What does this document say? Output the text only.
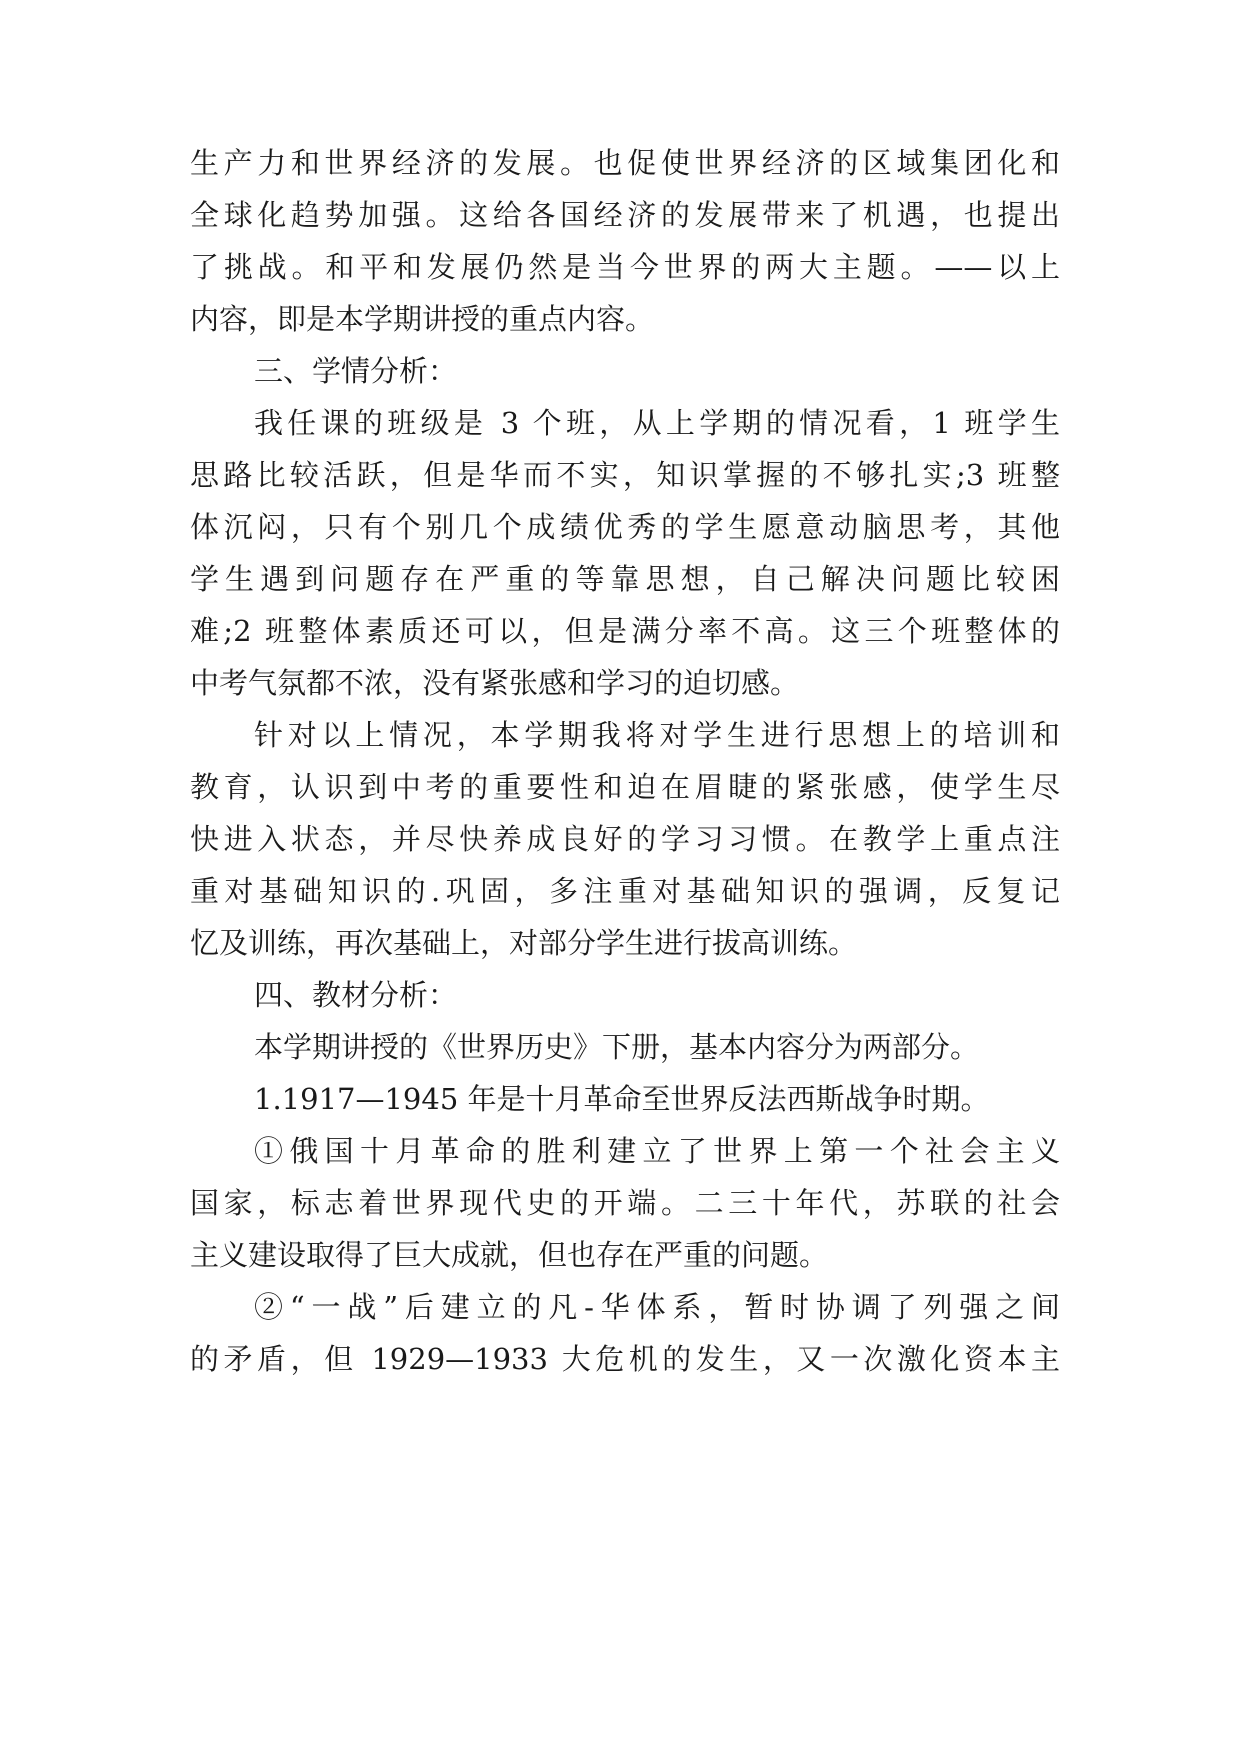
生产力和世界经济的发展。也促使世界经济的区域集团化和
全球化趋势加强。这给各国经济的发展带来了机遇，也提出
了挑战。和平和发展仍然是当今世界的两大主题。——以上
内容，即是本学期讲授的重点内容。
三、学情分析：
我任课的班级是 3 个班，从上学期的情况看，1 班学生
思路比较活跃，但是华而不实，知识掌握的不够扎实;3 班整
体沉闷，只有个别几个成绩优秀的学生愿意动脑思考，其他
学生遇到问题存在严重的等靠思想，自己解决问题比较困
难;2 班整体素质还可以，但是满分率不高。这三个班整体的
中考气氛都不浓，没有紧张感和学习的迫切感。
针对以上情况，本学期我将对学生进行思想上的培训和
教育，认识到中考的重要性和迫在眉睫的紧张感，使学生尽
快进入状态，并尽快养成良好的学习习惯。在教学上重点注
重对基础知识的.巩固，多注重对基础知识的强调，反复记
忆及训练，再次基础上，对部分学生进行拔高训练。
四、教材分析：
本学期讲授的《世界历史》下册，基本内容分为两部分。
1.1917—1945 年是十月革命至世界反法西斯战争时期。
①俄国十月革命的胜利建立了世界上第一个社会主义
国家，标志着世界现代史的开端。二三十年代，苏联的社会
主义建设取得了巨大成就，但也存在严重的问题。
②“一战”后建立的凡-华体系，暂时协调了列强之间
的矛盾，但 1929—1933 大危机的发生，又一次激化资本主
